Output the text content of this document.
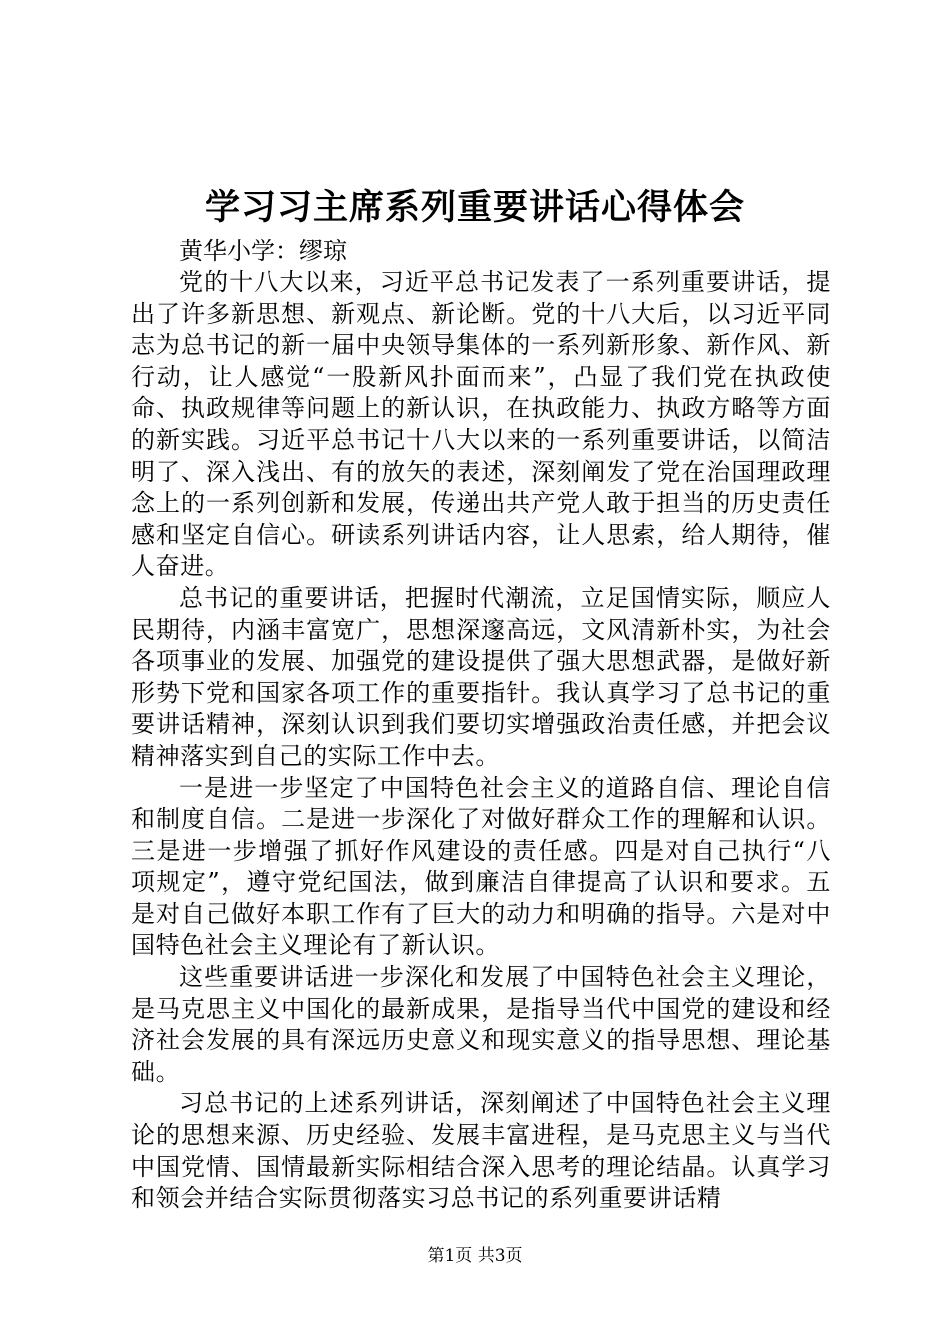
学习习主席系列重要讲话心得体会

黄华小学：缪琼

党的十八大以来，习近平总书记发表了一系列重要讲话，提出了许多新思想、新观点、新论断。党的十八大后，以习近平同志为总书记的新一届中央领导集体的一系列新形象、新作风、新行动，让人感觉“一股新风扑面而来”，凸显了我们党在执政使命、执政规律等问题上的新认识，在执政能力、执政方略等方面的新实践。习近平总书记十八大以来的一系列重要讲话，以简洁明了、深入浅出、有的放矢的表述，深刻阐发了党在治国理政理念上的一系列创新和发展，传递出共产党人敢于担当的历史责任感和坚定自信心。研读系列讲话内容，让人思索，给人期待，催人奋进。

总书记的重要讲话，把握时代潮流，立足国情实际，顺应人民期待，内涵丰富宽广，思想深邃高远，文风清新朴实，为社会各项事业的发展、加强党的建设提供了强大思想武器，是做好新形势下党和国家各项工作的重要指针。我认真学习了总书记的重要讲话精神，深刻认识到我们要切实增强政治责任感，并把会议精神落实到自己的实际工作中去。

一是进一步坚定了中国特色社会主义的道路自信、理论自信和制度自信。二是进一步深化了对做好群众工作的理解和认识。三是进一步增强了抓好作风建设的责任感。四是对自己执行“八项规定”，遵守党纪国法，做到廉洁自律提高了认识和要求。五是对自己做好本职工作有了巨大的动力和明确的指导。六是对中国特色社会主义理论有了新认识。

这些重要讲话进一步深化和发展了中国特色社会主义理论，是马克思主义中国化的最新成果，是指导当代中国党的建设和经济社会发展的具有深远历史意义和现实意义的指导思想、理论基础。

习总书记的上述系列讲话，深刻阐述了中国特色社会主义理论的思想来源、历史经验、发展丰富进程，是马克思主义与当代中国党情、国情最新实际相结合深入思考的理论结晶。认真学习和领会并结合实际贯彻落实习总书记的系列重要讲话精

第1页 共3页
